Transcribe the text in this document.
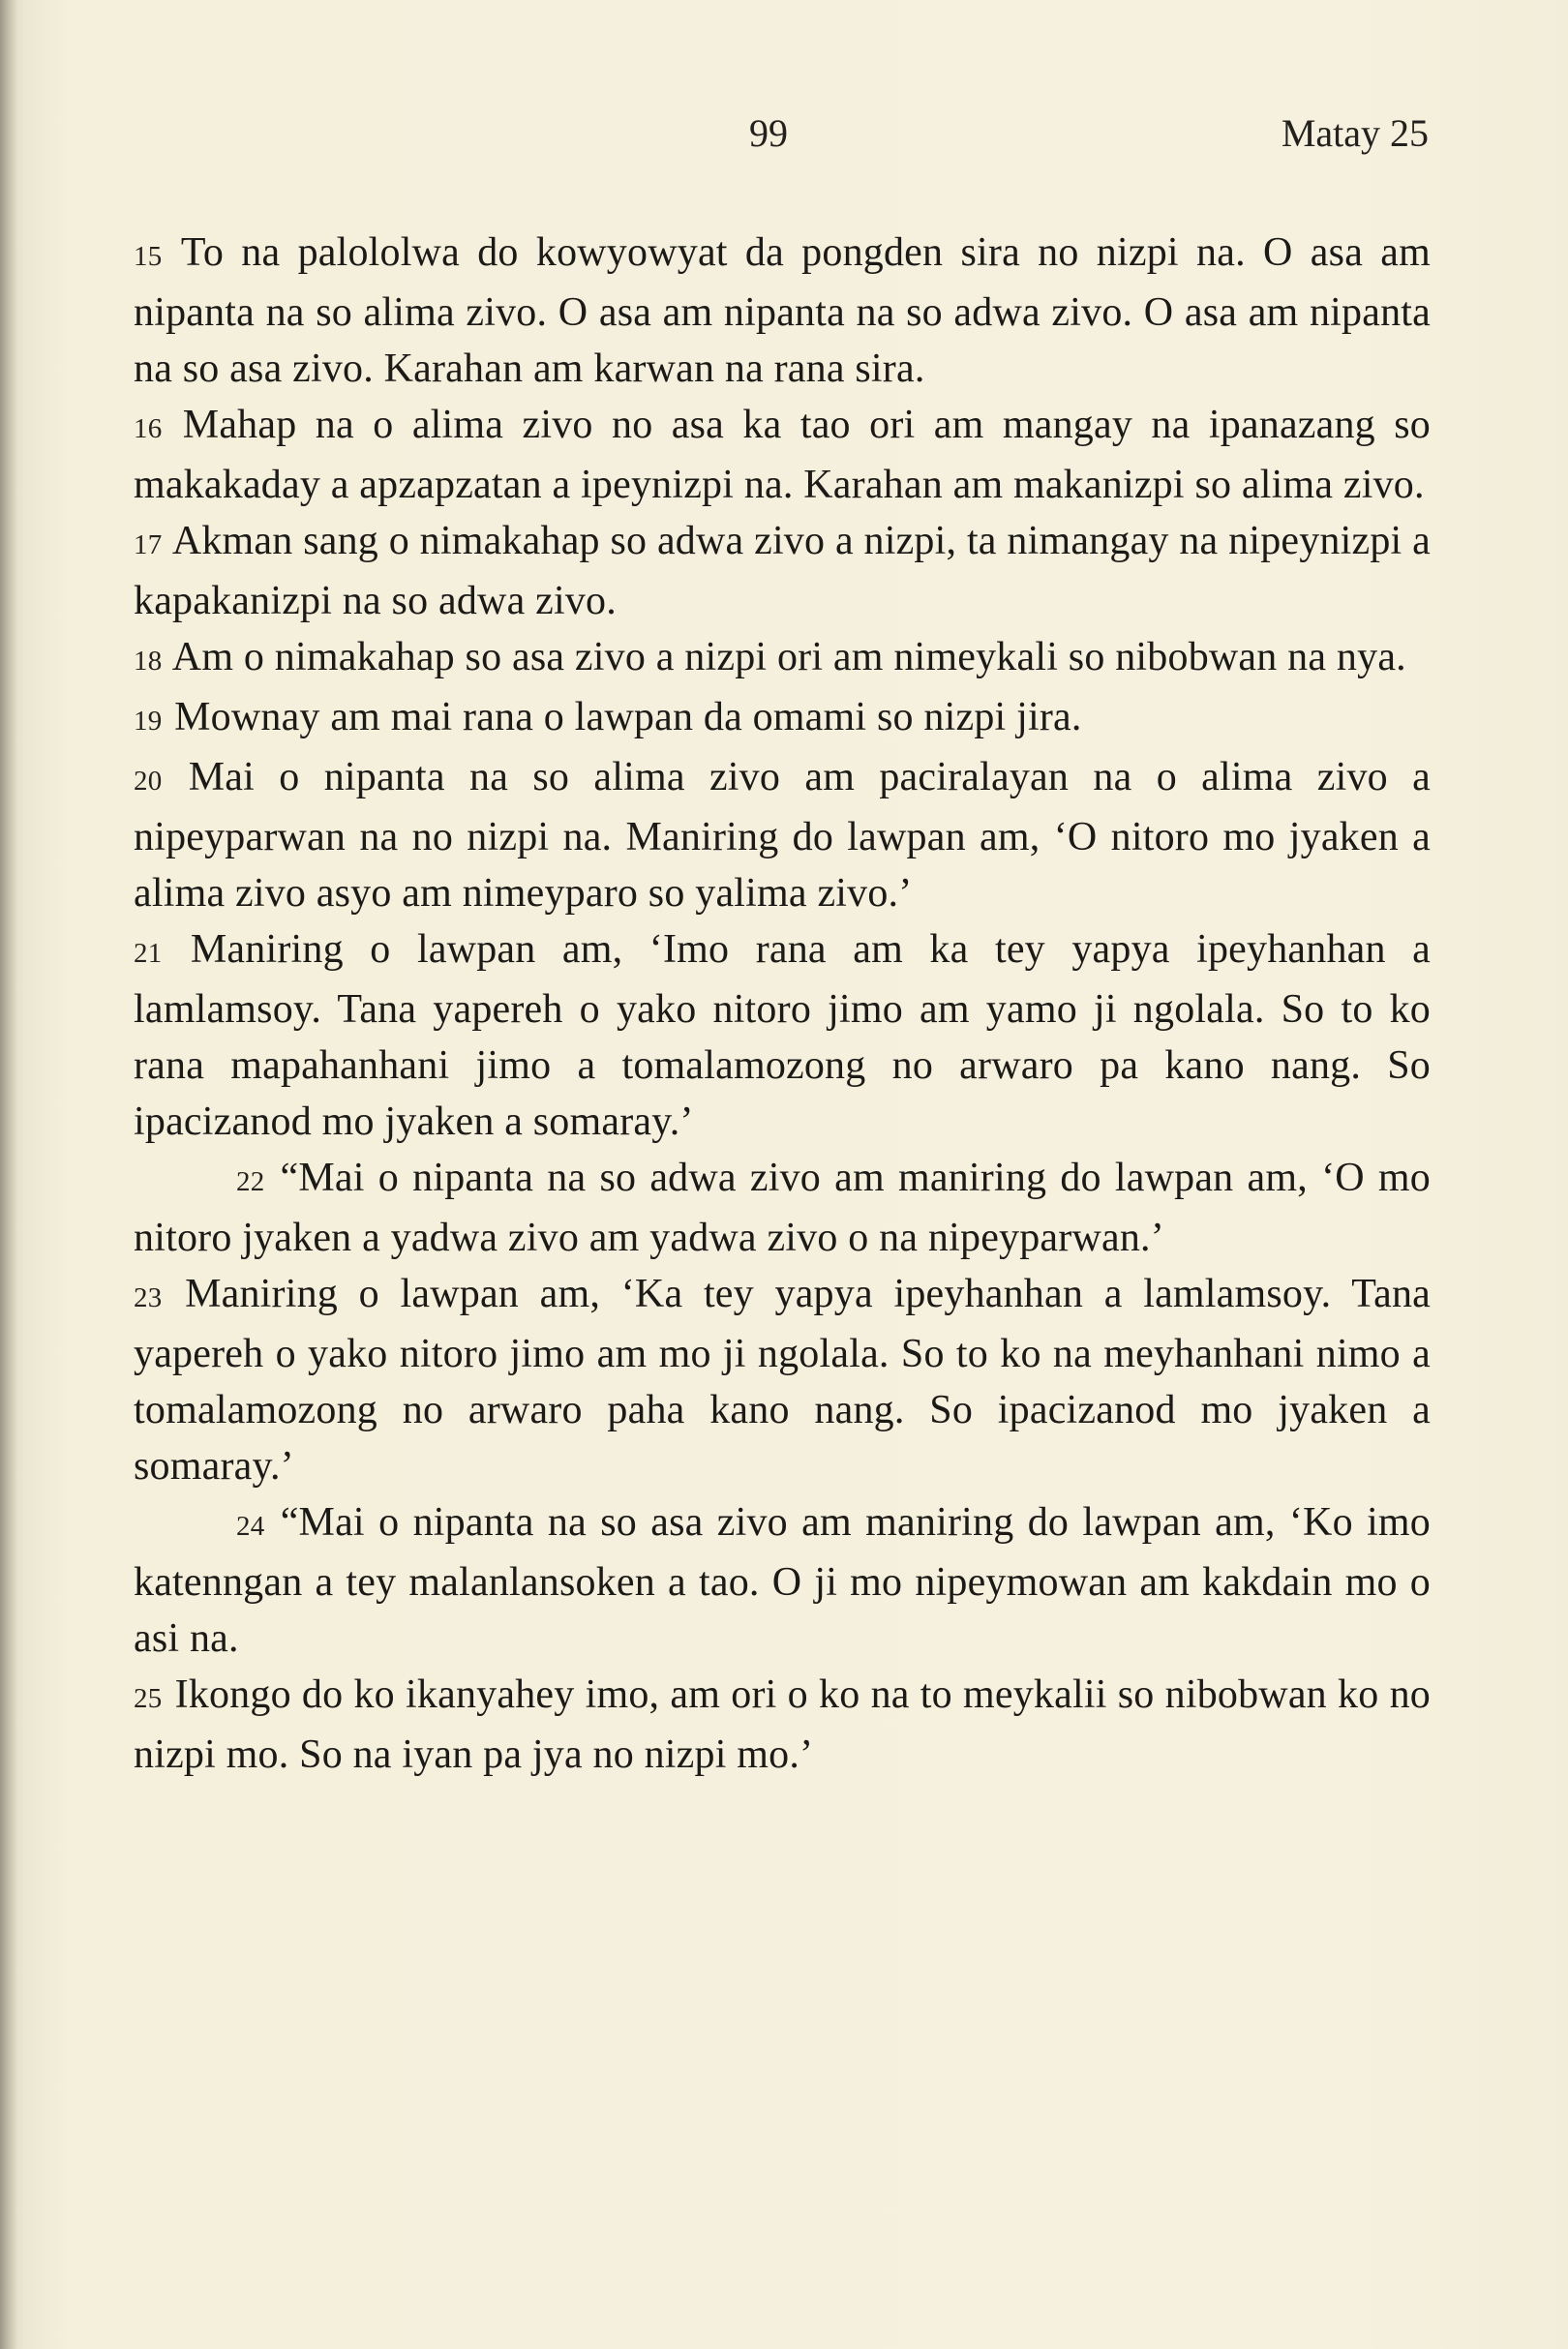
99	Matay 25

15 To na palololwa do kowyowyat da pongden sira no nizpi na. O asa am nipanta na so alima zivo. O asa am nipanta na so adwa zivo. O asa am nipanta na so asa zivo. Karahan am karwan na rana sira.

16 Mahap na o alima zivo no asa ka tao ori am mangay na ipanazang so makakaday a apzapzatan a ipeynizpi na. Karahan am makanizpi so alima zivo.

17 Akman sang o nimakahap so adwa zivo a nizpi, ta nimangay na nipeynizpi a kapakanizpi na so adwa zivo.

18 Am o nimakahap so asa zivo a nizpi ori am nimeykali so nibobwan na nya.

19 Mownay am mai rana o lawpan da omami so nizpi jira.

20 Mai o nipanta na so alima zivo am paciralayan na o alima zivo a nipeyparwan na no nizpi na. Maniring do lawpan am, ‘O nitoro mo jyaken a alima zivo asyo am nimeyparo so yalima zivo.’

21 Maniring o lawpan am, ‘Imo rana am ka tey yapya ipeyhanhan a lamlamsoy. Tana yapereh o yako nitoro jimo am yamo ji ngolala. So to ko rana mapahanhani jimo a tomalamozong no arwaro pa kano nang. So ipacizanod mo jyaken a somaray.’

22 “Mai o nipanta na so adwa zivo am maniring do lawpan am, ‘O mo nitoro jyaken a yadwa zivo am yadwa zivo o na nipeyparwan.’

23 Maniring o lawpan am, ‘Ka tey yapya ipeyhanhan a lamlamsoy. Tana yapereh o yako nitoro jimo am mo ji ngolala. So to ko na meyhanhani nimo a tomalamozong no arwaro paha kano nang. So ipacizanod mo jyaken a somaray.’

24 “Mai o nipanta na so asa zivo am maniring do lawpan am, ‘Ko imo katenngan a tey malanlansoken a tao. O ji mo nipeymowan am kakdain mo o asi na.

25 Ikongo do ko ikanyahey imo, am ori o ko na to meykalii so nibobwan ko no nizpi mo. So na iyan pa jya no nizpi mo.’
